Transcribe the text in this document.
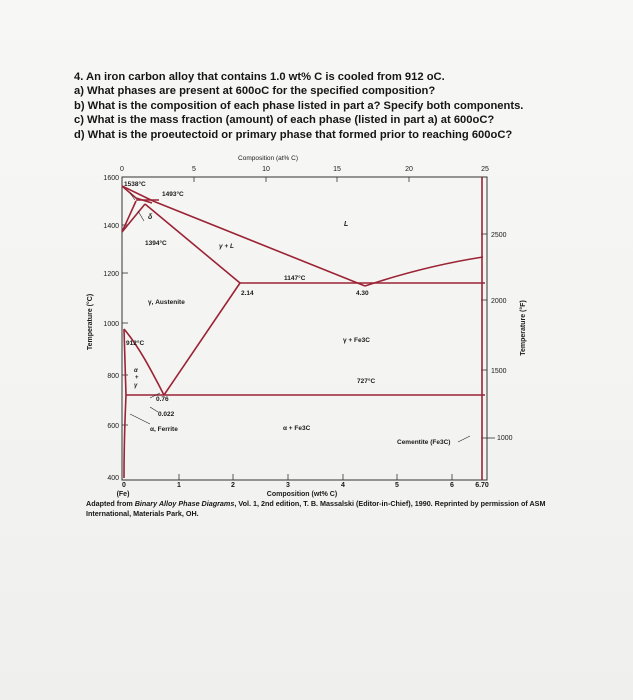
4. An iron carbon alloy that contains 1.0 wt% C is cooled from 912 oC.
a) What phases are present at 600oC for the specified composition?
b) What is the composition of each phase listed in part a? Specify both components.
c) What is the mass fraction (amount) of each phase (listed in part a) at 600oC?
d) What is the proeutectoid or primary phase that formed prior to reaching 600oC?
Composition (at% C)
0	5	10	15	20	25
Temperature (°C)
1600
1400
1200
1000
800
600
400
Temperature (°F)
2500
2000
1500
1000
0	1	2	3	4	5	6	6.70
(Fe)	Composition (wt% C)
1538°C
1493°C
δ
1394°C	γ + L
L
1147°C
γ, Austenite
2.14	4.30
γ + Fe3C
912°C
727°C
α
+
γ
0.76
0.022
α, Ferrite	α + Fe3C
Cementite (Fe3C)
Adapted from Binary Alloy Phase Diagrams, Vol. 1, 2nd edition, T. B. Massalski (Editor-in-Chief), 1990. Reprinted by permission of ASM International, Materials Park, OH.
